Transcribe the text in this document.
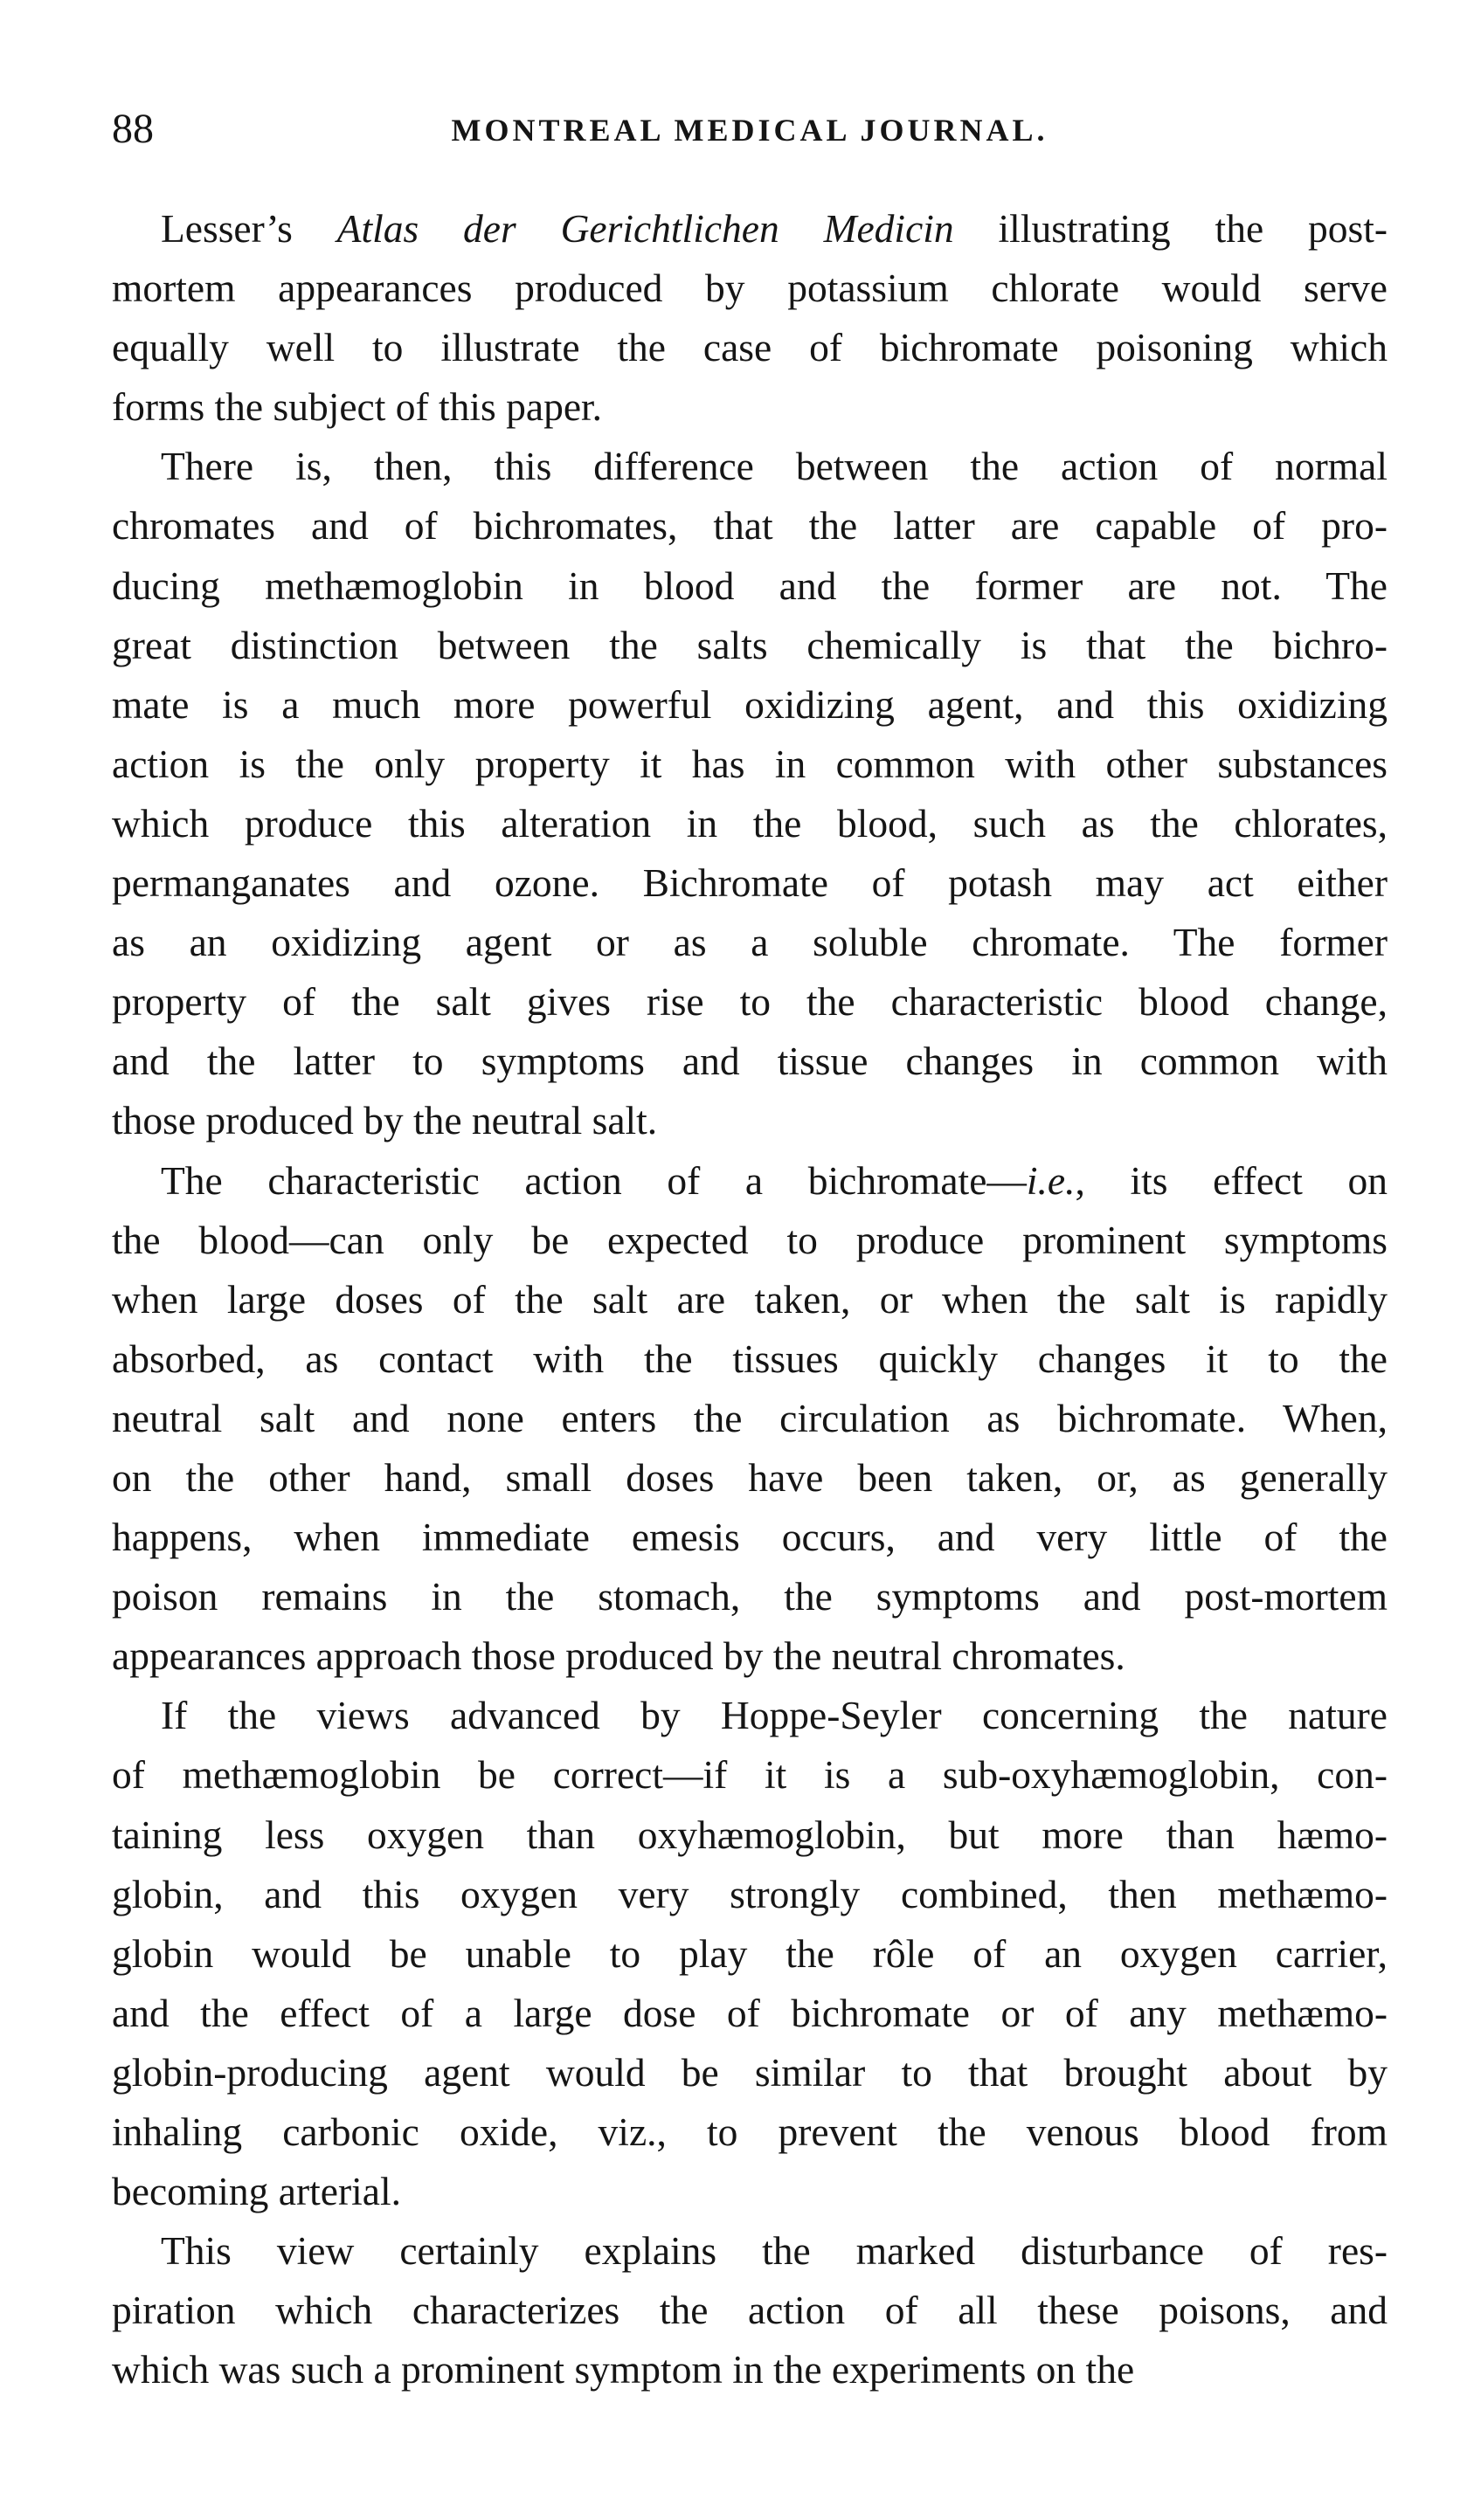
88	MONTREAL MEDICAL JOURNAL.
Lesser’s Atlas der Gerichtlichen Medicin illustrating the post-
mortem appearances produced by potassium chlorate would serve
equally well to illustrate the case of bichromate poisoning which
forms the subject of this paper.
There is, then, this difference between the action of normal
chromates and of bichromates, that the latter are capable of pro-
ducing methæmoglobin in blood and the former are not. The
great distinction between the salts chemically is that the bichro-
mate is a much more powerful oxidizing agent, and this oxidizing
action is the only property it has in common with other substances
which produce this alteration in the blood, such as the chlorates,
permanganates and ozone. Bichromate of potash may act either
as an oxidizing agent or as a soluble chromate. The former
property of the salt gives rise to the characteristic blood change,
and the latter to symptoms and tissue changes in common with
those produced by the neutral salt.
The characteristic action of a bichromate—i.e., its effect on
the blood—can only be expected to produce prominent symptoms
when large doses of the salt are taken, or when the salt is rapidly
absorbed, as contact with the tissues quickly changes it to the
neutral salt and none enters the circulation as bichromate. When,
on the other hand, small doses have been taken, or, as generally
happens, when immediate emesis occurs, and very little of the
poison remains in the stomach, the symptoms and post-mortem
appearances approach those produced by the neutral chromates.
If the views advanced by Hoppe-Seyler concerning the nature
of methæmoglobin be correct—if it is a sub-oxyhæmoglobin, con-
taining less oxygen than oxyhæmoglobin, but more than hæmo-
globin, and this oxygen very strongly combined, then methæmo-
globin would be unable to play the rôle of an oxygen carrier,
and the effect of a large dose of bichromate or of any methæmo-
globin-producing agent would be similar to that brought about by
inhaling carbonic oxide, viz., to prevent the venous blood from
becoming arterial.
This view certainly explains the marked disturbance of res-
piration which characterizes the action of all these poisons, and
which was such a prominent symptom in the experiments on the
